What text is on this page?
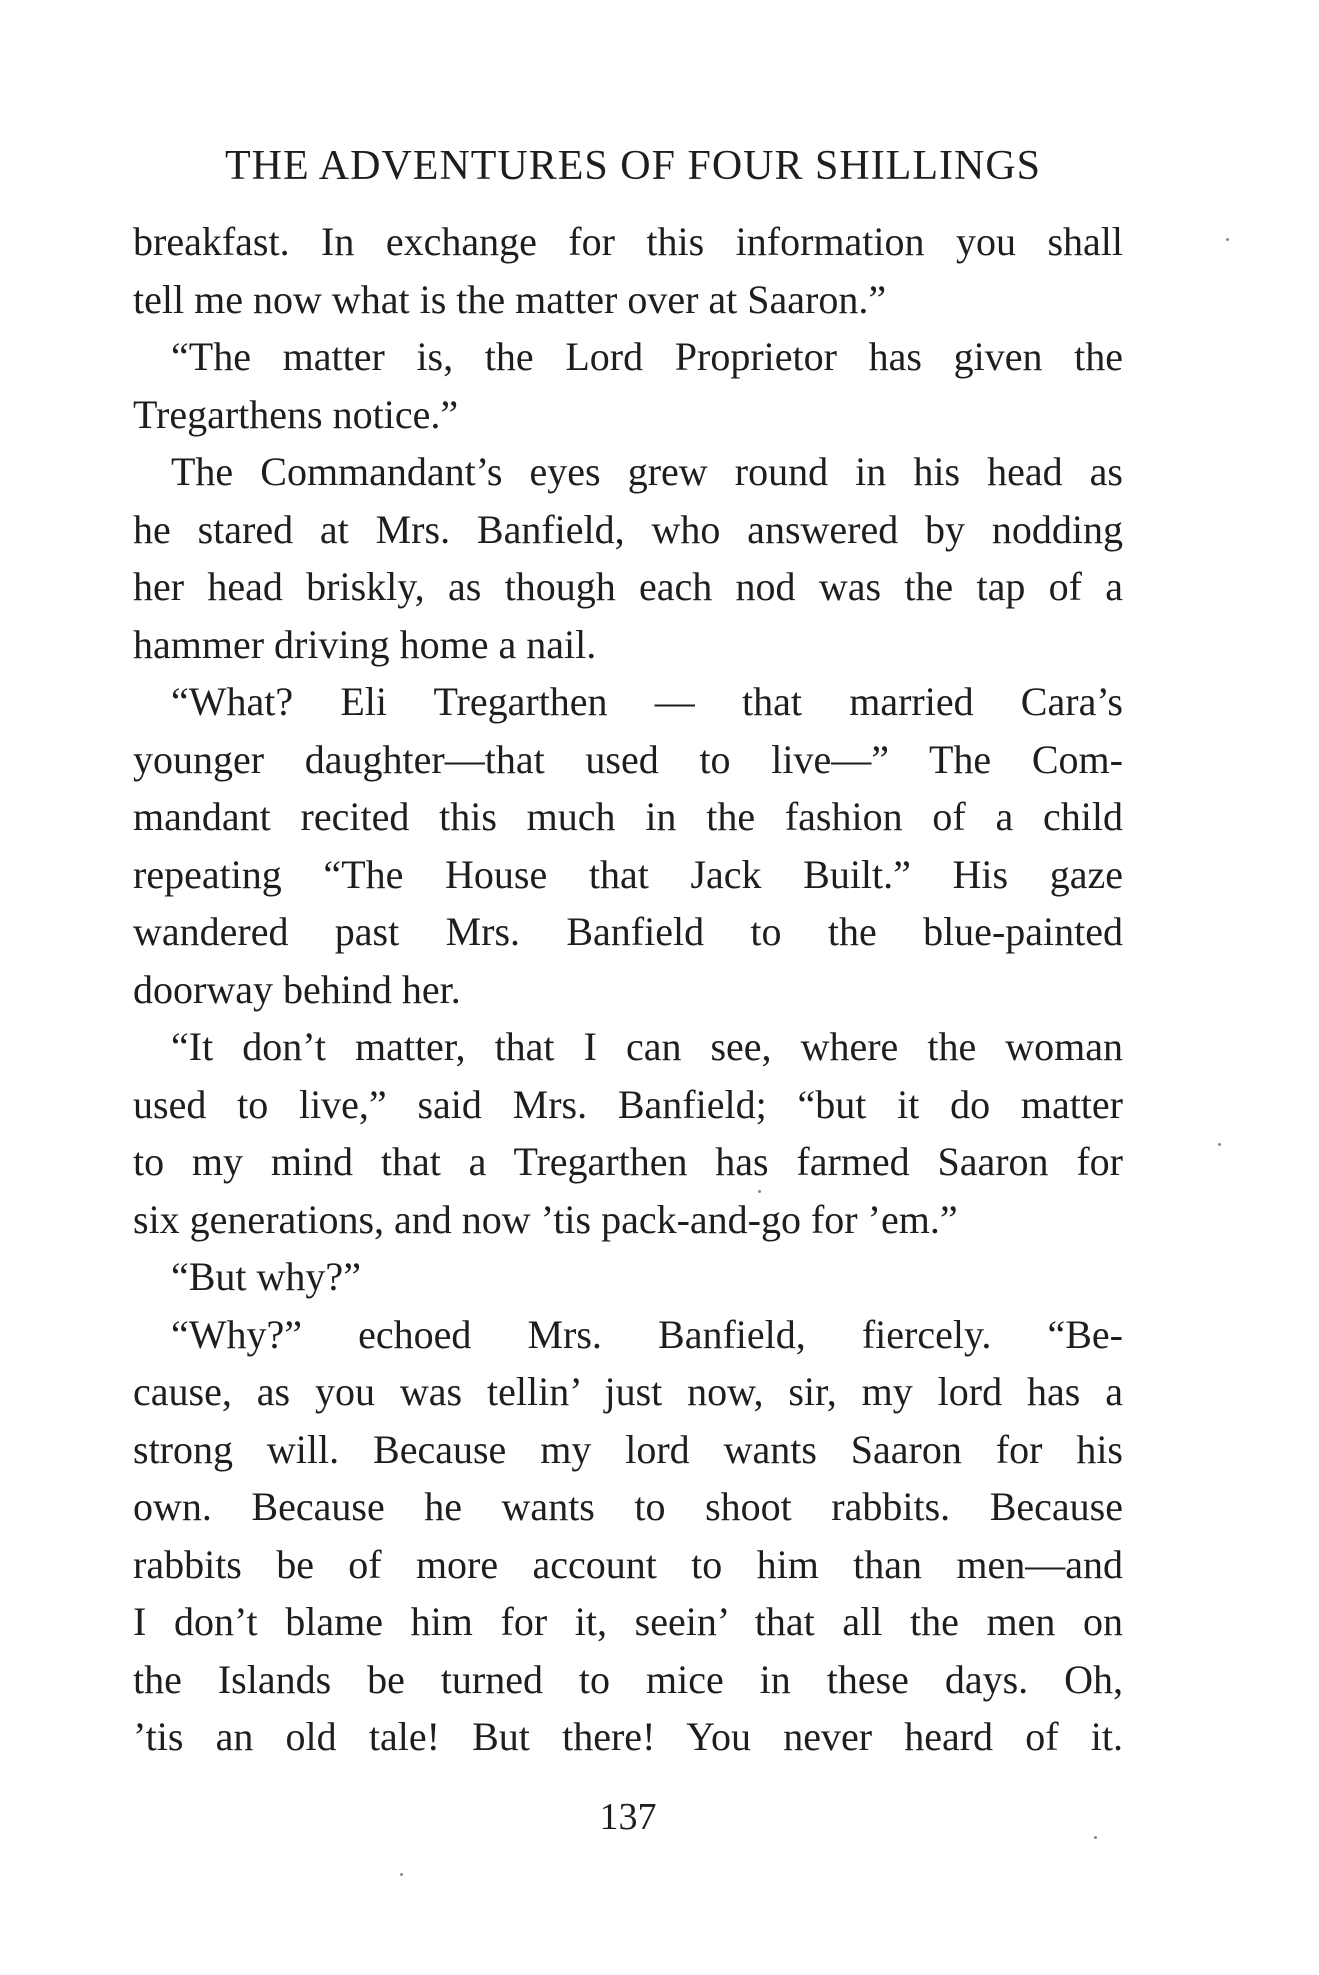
THE ADVENTURES OF FOUR SHILLINGS
breakfast. In exchange for this information you shall
tell me now what is the matter over at Saaron.”
“The matter is, the Lord Proprietor has given the
Tregarthens notice.”
The Commandant’s eyes grew round in his head as
he stared at Mrs. Banfield, who answered by nodding
her head briskly, as though each nod was the tap of a
hammer driving home a nail.
“What? Eli Tregarthen — that married Cara’s
younger daughter—that used to live—” The Com-
mandant recited this much in the fashion of a child
repeating “The House that Jack Built.” His gaze
wandered past Mrs. Banfield to the blue-painted
doorway behind her.
“It don’t matter, that I can see, where the woman
used to live,” said Mrs. Banfield; “but it do matter
to my mind that a Tregarthen has farmed Saaron for
six generations, and now ’tis pack-and-go for ’em.”
“But why?”
“Why?” echoed Mrs. Banfield, fiercely. “Be-
cause, as you was tellin’ just now, sir, my lord has a
strong will. Because my lord wants Saaron for his
own. Because he wants to shoot rabbits. Because
rabbits be of more account to him than men—and
I don’t blame him for it, seein’ that all the men on
the Islands be turned to mice in these days. Oh,
’tis an old tale! But there! You never heard of it.
137
